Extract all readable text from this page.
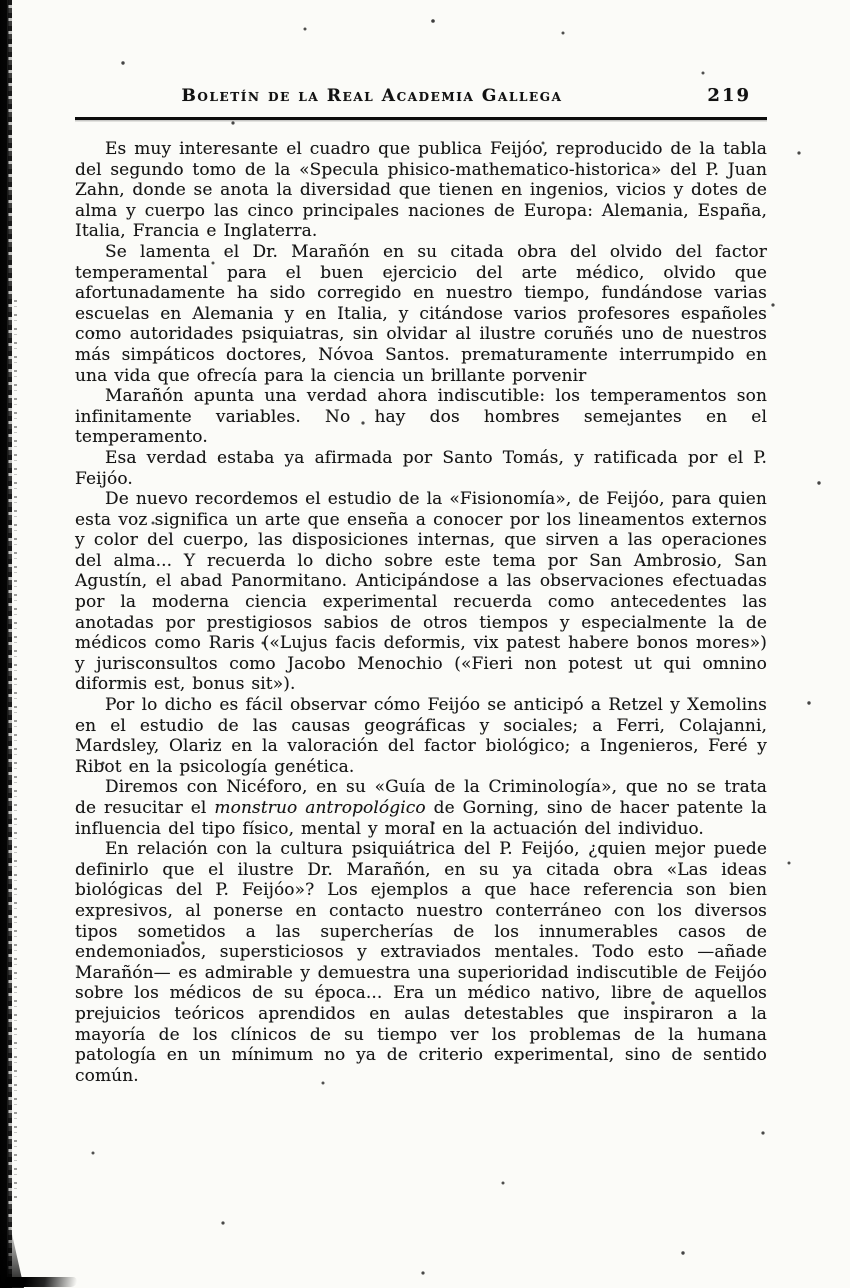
Boletín de la Real Academia Gallega	219

Es muy interesante el cuadro que publica Feijóo, reproducido de la tabla del segundo tomo de la «Specula phisico-mathematico-historica» del P. Juan Zahn, donde se anota la diversidad que tienen en ingenios, vicios y dotes de alma y cuerpo las cinco principales naciones de Europa: Alemania, España, Italia, Francia e Inglaterra.

Se lamenta el Dr. Marañón en su citada obra del olvido del factor temperamental para el buen ejercicio del arte médico, olvido que afortunadamente ha sido corregido en nuestro tiempo, fundándose varias escuelas en Alemania y en Italia, y citándose varios profesores españoles como autoridades psiquiatras, sin olvidar al ilustre coruñés uno de nuestros más simpáticos doctores, Nóvoa Santos. prematuramente interrumpido en una vida que ofrecía para la ciencia un brillante porvenir

Marañón apunta una verdad ahora indiscutible: los temperamentos son infinitamente variables. No hay dos hombres semejantes en el temperamento.

Esa verdad estaba ya afirmada por Santo Tomás, y ratificada por el P. Feijóo.

De nuevo recordemos el estudio de la «Fisionomía», de Feijóo, para quien esta voz significa un arte que enseña a conocer por los lineamentos externos y color del cuerpo, las disposiciones internas, que sirven a las operaciones del alma... Y recuerda lo dicho sobre este tema por San Ambrosio, San Agustín, el abad Panormitano. Anticipándose a las observaciones efectuadas por la moderna ciencia experimental recuerda como antecedentes las anotadas por prestigiosos sabios de otros tiempos y especialmente la de médicos como Raris («Lujus facis deformis, vix patest habere bonos mores») y jurisconsultos como Jacobo Menochio («Fieri non potest ut qui omnino diformis est, bonus sit»).

Por lo dicho es fácil observar cómo Feijóo se anticipó a Retzel y Xemolins en el estudio de las causas geográficas y sociales; a Ferri, Colajanni, Mardsley, Olariz en la valoración del factor biológico; a Ingenieros, Feré y Ribot en la psicología genética.

Diremos con Nicéforo, en su «Guía de la Criminología», que no se trata de resucitar el monstruo antropológico de Gorning, sino de hacer patente la influencia del tipo físico, mental y moral en la actuación del individuo.

En relación con la cultura psiquiátrica del P. Feijóo, ¿quien mejor puede definirlo que el ilustre Dr. Marañón, en su ya citada obra «Las ideas biológicas del P. Feijóo»? Los ejemplos a que hace referencia son bien expresivos, al ponerse en contacto nuestro conterráneo con los diversos tipos sometidos a las supercherías de los innumerables casos de endemoniados, supersticiosos y extraviados mentales. Todo esto —añade Marañón— es admirable y demuestra una superioridad indiscutible de Feijóo sobre los médicos de su época... Era un médico nativo, libre de aquellos prejuicios teóricos aprendidos en aulas detestables que inspiraron a la mayoría de los clínicos de su tiempo ver los problemas de la humana patología en un mínimum no ya de criterio experimental, sino de sentido común.
